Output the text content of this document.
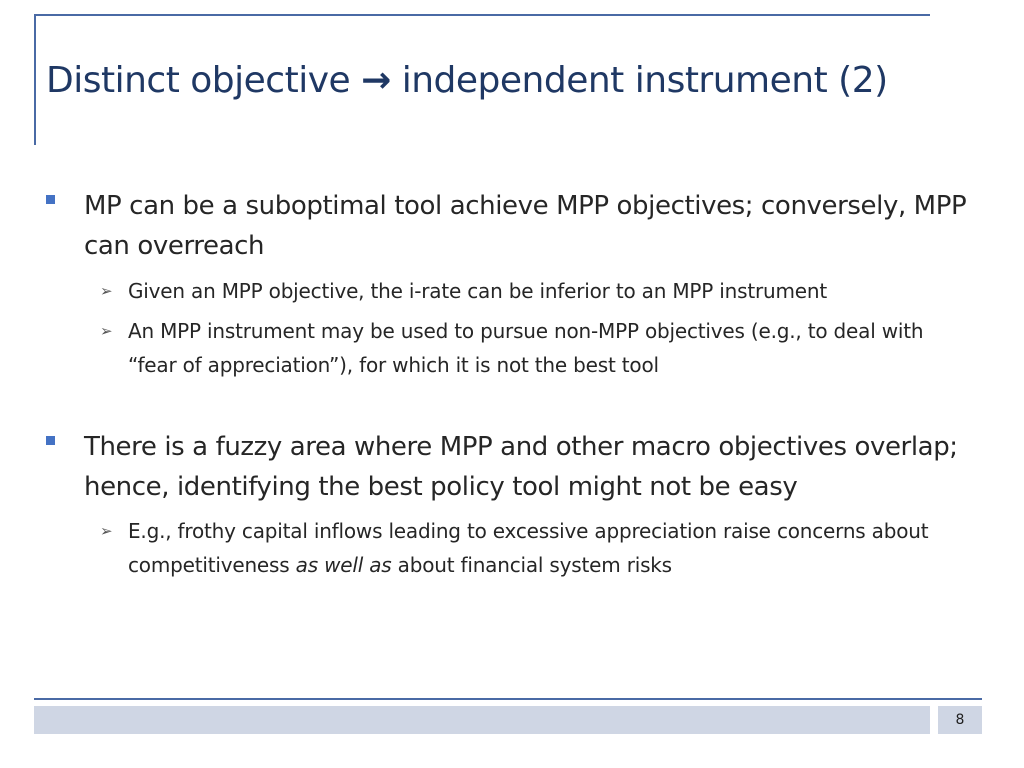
Distinct objective → independent instrument (2)
MP can be a suboptimal tool achieve MPP objectives; conversely, MPP can overreach
➢ Given an MPP objective, the i-rate can be inferior to an MPP instrument
➢ An MPP instrument may be used to pursue non-MPP objectives (e.g., to deal with “fear of appreciation”), for which it is not the best tool
There is a fuzzy area where MPP and other macro objectives overlap; hence, identifying the best policy tool might not be easy
➢ E.g., frothy capital inflows leading to excessive appreciation raise concerns about competitiveness as well as about financial system risks
8
